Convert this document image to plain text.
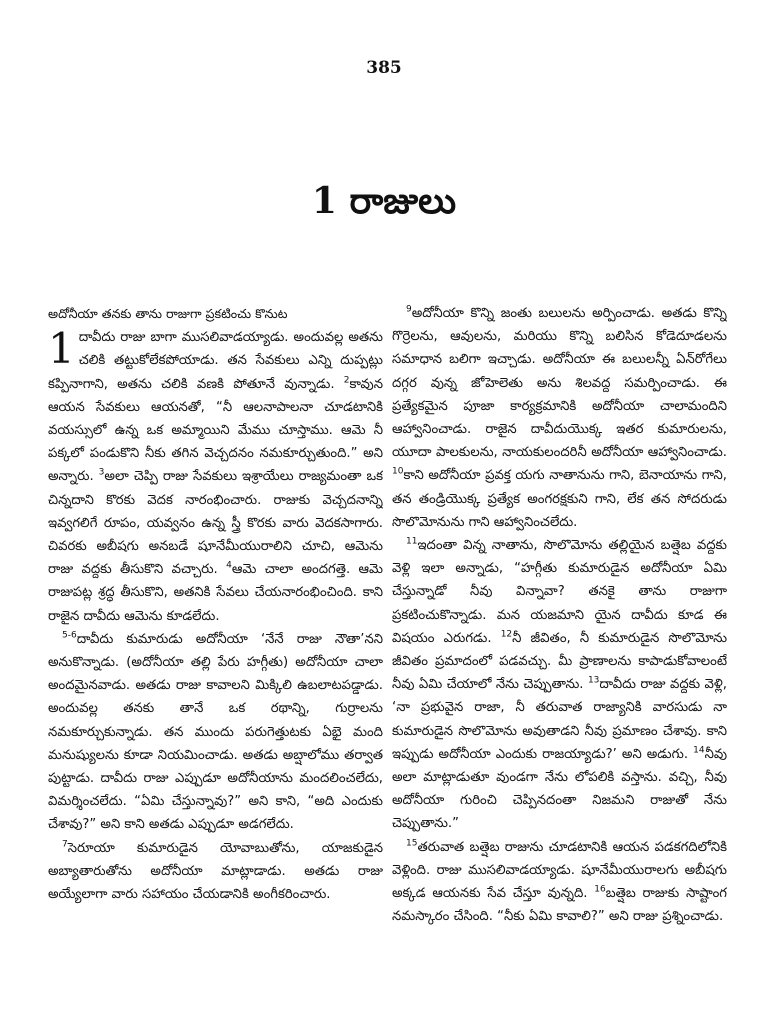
385
1 రాజులు
అదోనీయా తనకు తాను రాజుగా ప్రకటించు కొనుట

1 దావీదు రాజు బాగా ముసలివాడయ్యాడు. అందువల్ల అతను చలికి తట్టుకోలేకపోయాడు. తన సేవకులు ఎన్ని దుప్పట్లు కప్పినాగాని, అతను చలికి వణకి పోతూనే వున్నాడు. $^2$కావున ఆయన సేవకులు ఆయనతో, “నీ ఆలనాపాలనా చూడటానికి వయస్సులో ఉన్న ఒక అమ్మాయిని మేము చూస్తాము. ఆమె నీ పక్కలో పండుకొని నీకు తగిన వెచ్చదనం నమకూర్చుతుంది.” అని అన్నారు. $^3$అలా చెప్పి రాజు సేవకులు ఇశ్రాయేలు రాజ్యమంతా ఒక చిన్నదాని కొరకు వెదక నారంభించారు. రాజుకు వెచ్చదనాన్ని ఇవ్వగలిగే రూపం, యవ్వనం ఉన్న స్త్రీ కొరకు వారు వెదకసాగారు. చివరకు అబీషగు అనబడే షూనేమీయురాలిని చూచి, ఆమెను రాజు వద్దకు తీసుకొని వచ్చారు. $^4$ఆమె చాలా అందగత్తె. ఆమె రాజుపట్ల శ్రద్ధ తీసుకొని, అతనికి సేవలు చేయనారంభించింది. కాని రాజైన దావీదు ఆమెను కూడలేదు.

$^{5-6}$దావీదు కుమారుడు అదోనీయా ‘నేనే రాజు నౌతా’నని అనుకొన్నాడు. (అదోనీయా తల్లి పేరు హగ్గీతు) అదోనీయా చాలా అందమైనవాడు. అతడు రాజు కావాలని మిక్కిలి ఉబలాటపడ్డాడు. అందువల్ల తనకు తానే ఒక రథాన్ని, గుర్రాలను నమకూర్చుకున్నాడు. తన ముందు పరుగెత్తుటకు ఏభై మంది మనుష్యులను కూడా నియమించాడు. అతడు అబ్షాలోము తర్వాత పుట్టాడు. దావీదు రాజు ఎప్పుడూ అదోనీయాను మందలించలేదు, విమర్శించలేదు. “ఏమి చేస్తున్నావు?” అని కాని, “అది ఎందుకు చేశావు?” అని కాని అతడు ఎప్పుడూ అడగలేదు.

$^7$సెరూయా కుమారుడైన యోవాబుతోను, యాజకుడైన అబ్యాతారుతోను అదోనీయా మాట్లాడాడు. అతడు రాజు అయ్యేలాగా వారు సహాయం చేయడానికి అంగీకరించారు.

$^9$అదోనీయా కొన్ని జంతు బలులను అర్పించాడు. అతడు కొన్ని గొర్రెలను, ఆవులను, మరియు కొన్ని బలిసిన కోడెదూడలను సమాధాన బలిగా ఇచ్చాడు. అదోనీయా ఈ బలులన్నీ ఏన్‌రోగేలు దగ్గర వున్న జోహెలెతు అను శిలవద్ద సమర్పించాడు. ఈ ప్రత్యేకమైన పూజా కార్యక్రమానికి అదోనీయా చాలామందిని ఆహ్వానించాడు. రాజైన దావీదుయొక్క ఇతర కుమారులను, యూదా పాలకులను, నాయకులందరినీ అదోనీయా ఆహ్వానించాడు. $^{10}$కాని అదోనీయా ప్రవక్త యగు నాతానును గాని, బెనాయాను గాని, తన తండ్రియొక్క ప్రత్యేక అంగరక్షకుని గాని, లేక తన సోదరుడు సొలొమోనును గాని ఆహ్వానించలేదు.

$^{11}$ఇదంతా విన్న నాతాను, సొలొమోను తల్లియైన బత్షెబ వద్దకు వెళ్లి ఇలా అన్నాడు, “హగ్గీతు కుమారుడైన అదోనీయా ఏమి చేస్తున్నాడో నీవు విన్నావా? తనకై తాను రాజుగా ప్రకటించుకొన్నాడు. మన యజమాని యైన దావీదు కూడ ఈ విషయం ఎరుగడు. $^{12}$నీ జీవితం, నీ కుమారుడైన సొలొమోను జీవితం ప్రమాదంలో పడవచ్చు. మీ ప్రాణాలను కాపాడుకోవాలంటే నీవు ఏమి చేయాలో నేను చెప్పుతాను. $^{13}$దావీదు రాజు వద్దకు వెళ్లి, ‘నా ప్రభువైన రాజా, నీ తరువాత రాజ్యానికి వారసుడు నా కుమారుడైన సొలొమోను అవుతాడని నీవు ప్రమాణం చేశావు. కాని ఇప్పుడు అదోనీయా ఎందుకు రాజయ్యాడు?’ అని అడుగు. $^{14}$నీవు అలా మాట్లాడుతూ వుండగా నేను లోపలికి వస్తాను. వచ్చి, నీవు అదోనీయా గురించి చెప్పినదంతా నిజమని రాజుతో నేను చెప్పుతాను.”

$^{15}$తరువాత బత్షెబ రాజును చూడటానికి ఆయన పడకగదిలోనికి వెళ్లింది. రాజు ముసలివాడయ్యాడు. షూనేమీయురాలగు అబీషగు అక్కడ ఆయనకు సేవ చేస్తూ వున్నది. $^{16}$బత్షెబ రాజుకు సాష్టాంగ నమస్కారం చేసింది. “నీకు ఏమి కావాలి?” అని రాజు ప్రశ్నించాడు.
